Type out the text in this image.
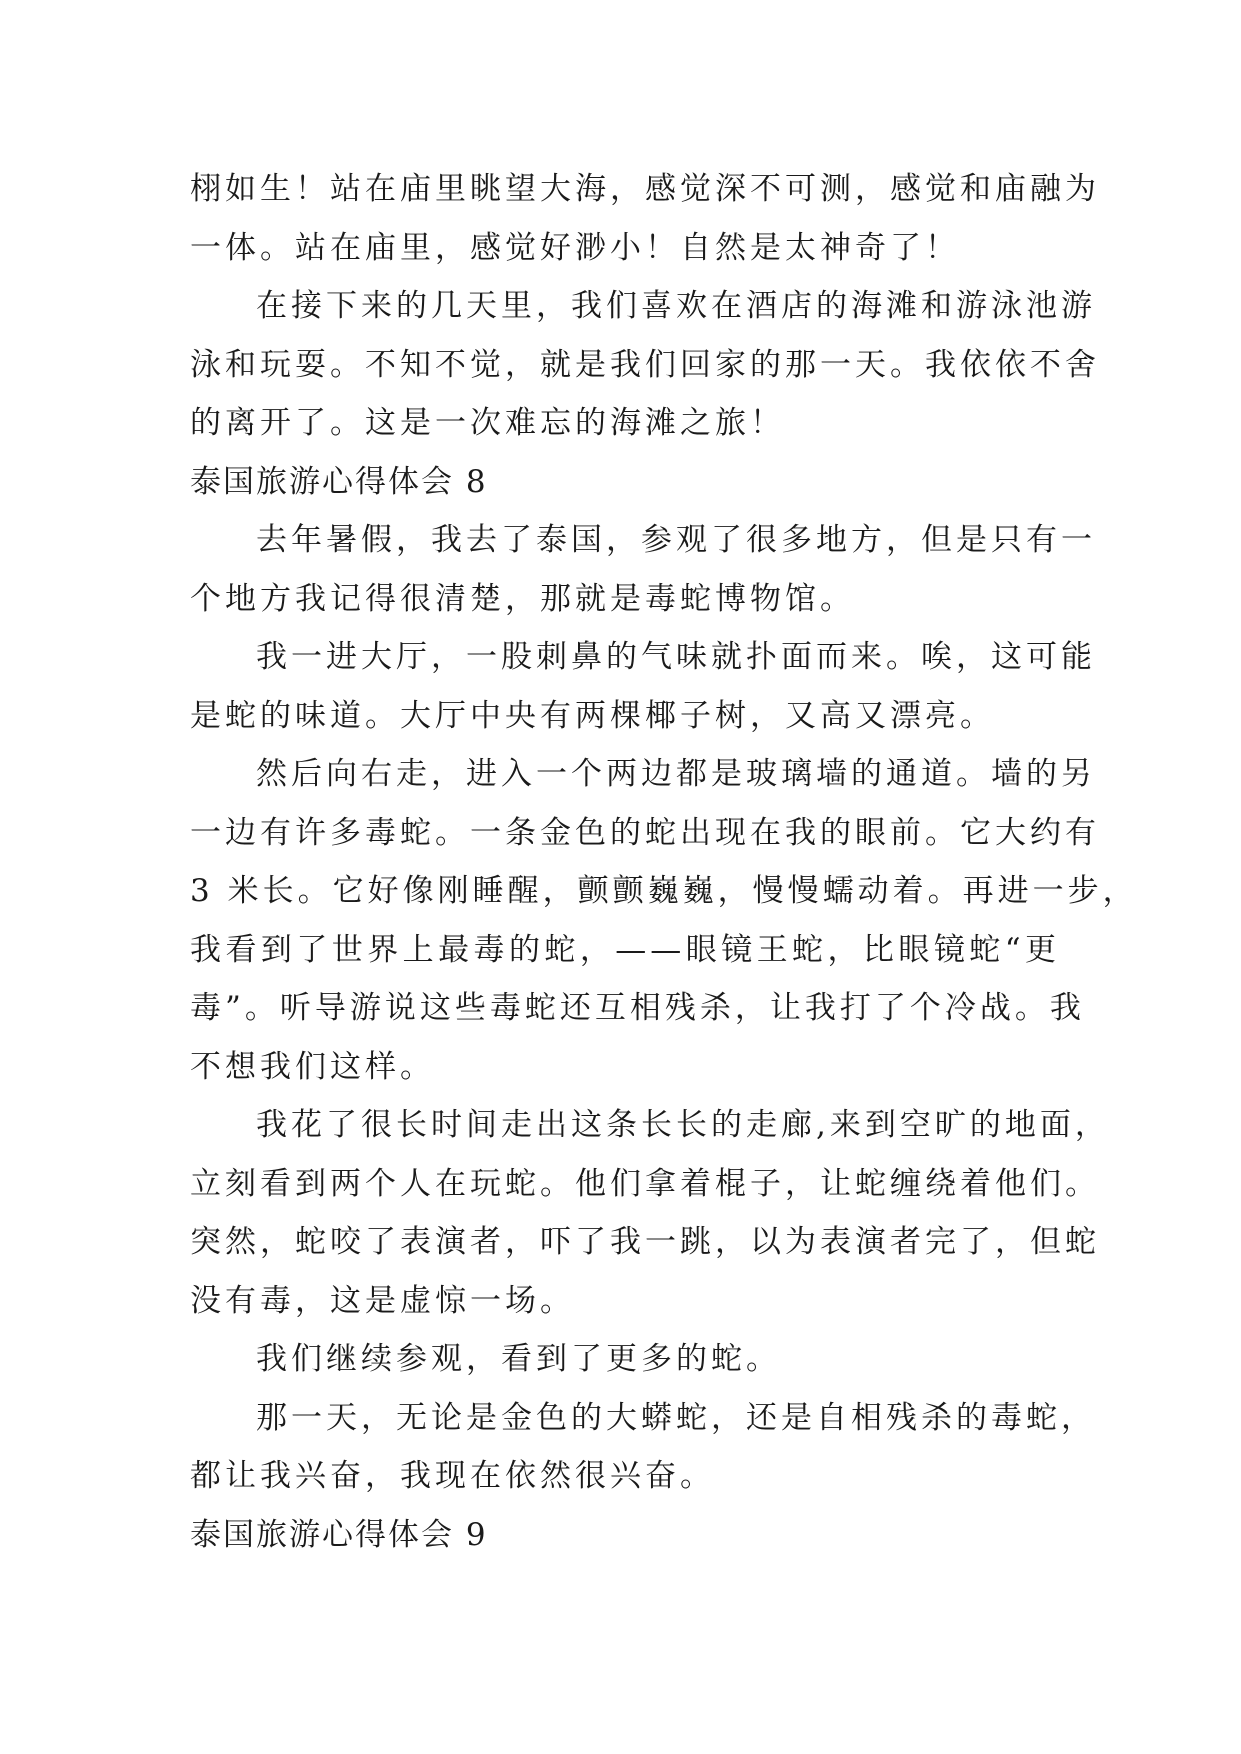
栩如生！站在庙里眺望大海，感觉深不可测，感觉和庙融为

一体。站在庙里，感觉好渺小！自然是太神奇了！

在接下来的几天里，我们喜欢在酒店的海滩和游泳池游

泳和玩耍。不知不觉，就是我们回家的那一天。我依依不舍

的离开了。这是一次难忘的海滩之旅！

泰国旅游心得体会 8

去年暑假，我去了泰国，参观了很多地方，但是只有一

个地方我记得很清楚，那就是毒蛇博物馆。

我一进大厅，一股刺鼻的气味就扑面而来。唉，这可能

是蛇的味道。大厅中央有两棵椰子树，又高又漂亮。

然后向右走，进入一个两边都是玻璃墙的通道。墙的另

一边有许多毒蛇。一条金色的蛇出现在我的眼前。它大约有

3 米长。它好像刚睡醒，颤颤巍巍，慢慢蠕动着。再进一步，

我看到了世界上最毒的蛇，——眼镜王蛇，比眼镜蛇“更

毒”。听导游说这些毒蛇还互相残杀，让我打了个冷战。我

不想我们这样。

我花了很长时间走出这条长长的走廊,来到空旷的地面，

立刻看到两个人在玩蛇。他们拿着棍子，让蛇缠绕着他们。

突然，蛇咬了表演者，吓了我一跳，以为表演者完了，但蛇

没有毒，这是虚惊一场。

我们继续参观，看到了更多的蛇。

那一天，无论是金色的大蟒蛇，还是自相残杀的毒蛇，

都让我兴奋，我现在依然很兴奋。

泰国旅游心得体会 9
